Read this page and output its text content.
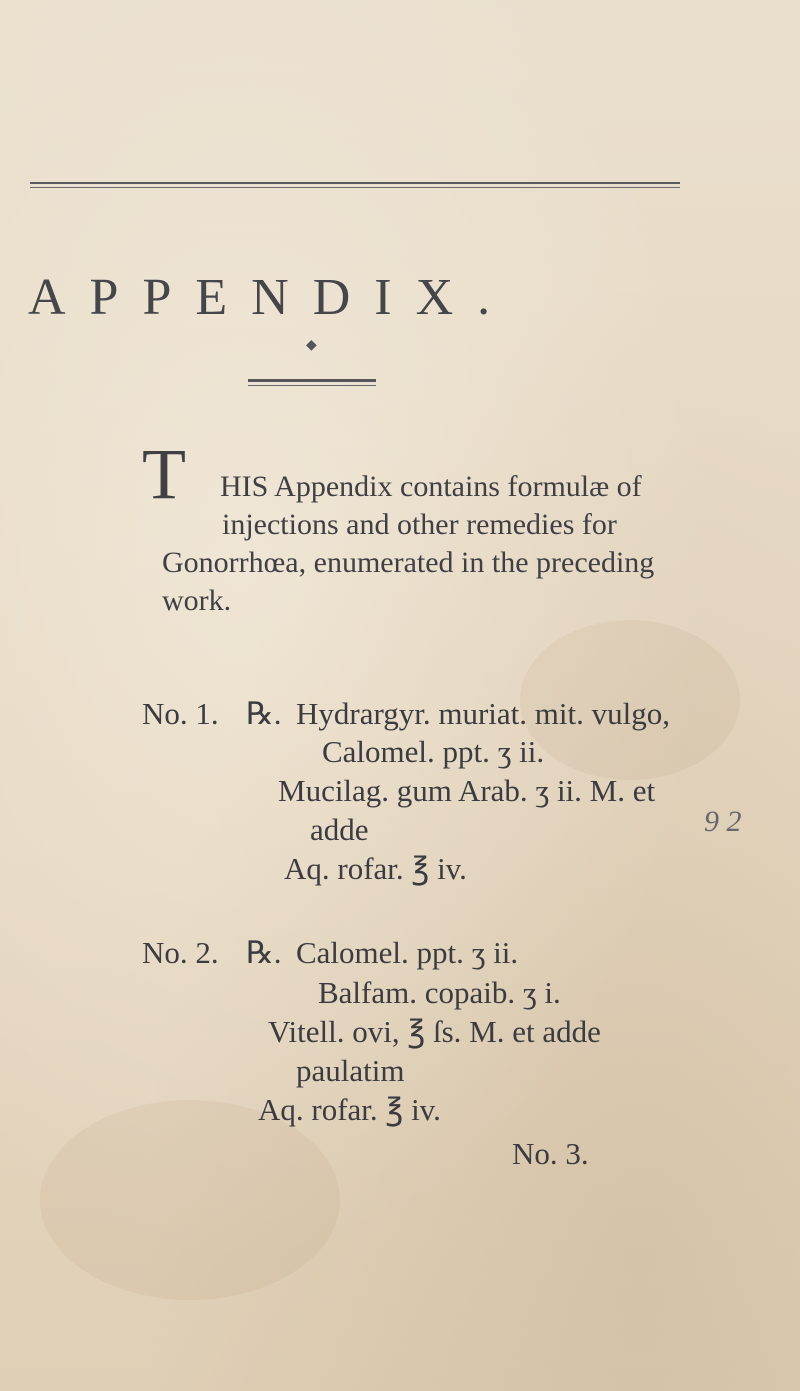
APPENDIX.
◆
T HIS Appendix contains formulæ of
injections and other remedies for
Gonorrhœa, enumerated in the preceding
work.
No. 1. ℞. Hydrargyr. muriat. mit. vulgo,
Calomel. ppt. ʒ ii.
Mucilag. gum Arab. ʒ ii. M. et
adde
Aq. rofar. ℥ iv.
No. 2. ℞. Calomel. ppt. ʒ ii.
Balfam. copaib. ʒ i.
Vitell. ovi, ℥ ſs. M. et adde
paulatim
Aq. rofar. ℥ iv.
No. 3.
9 2
